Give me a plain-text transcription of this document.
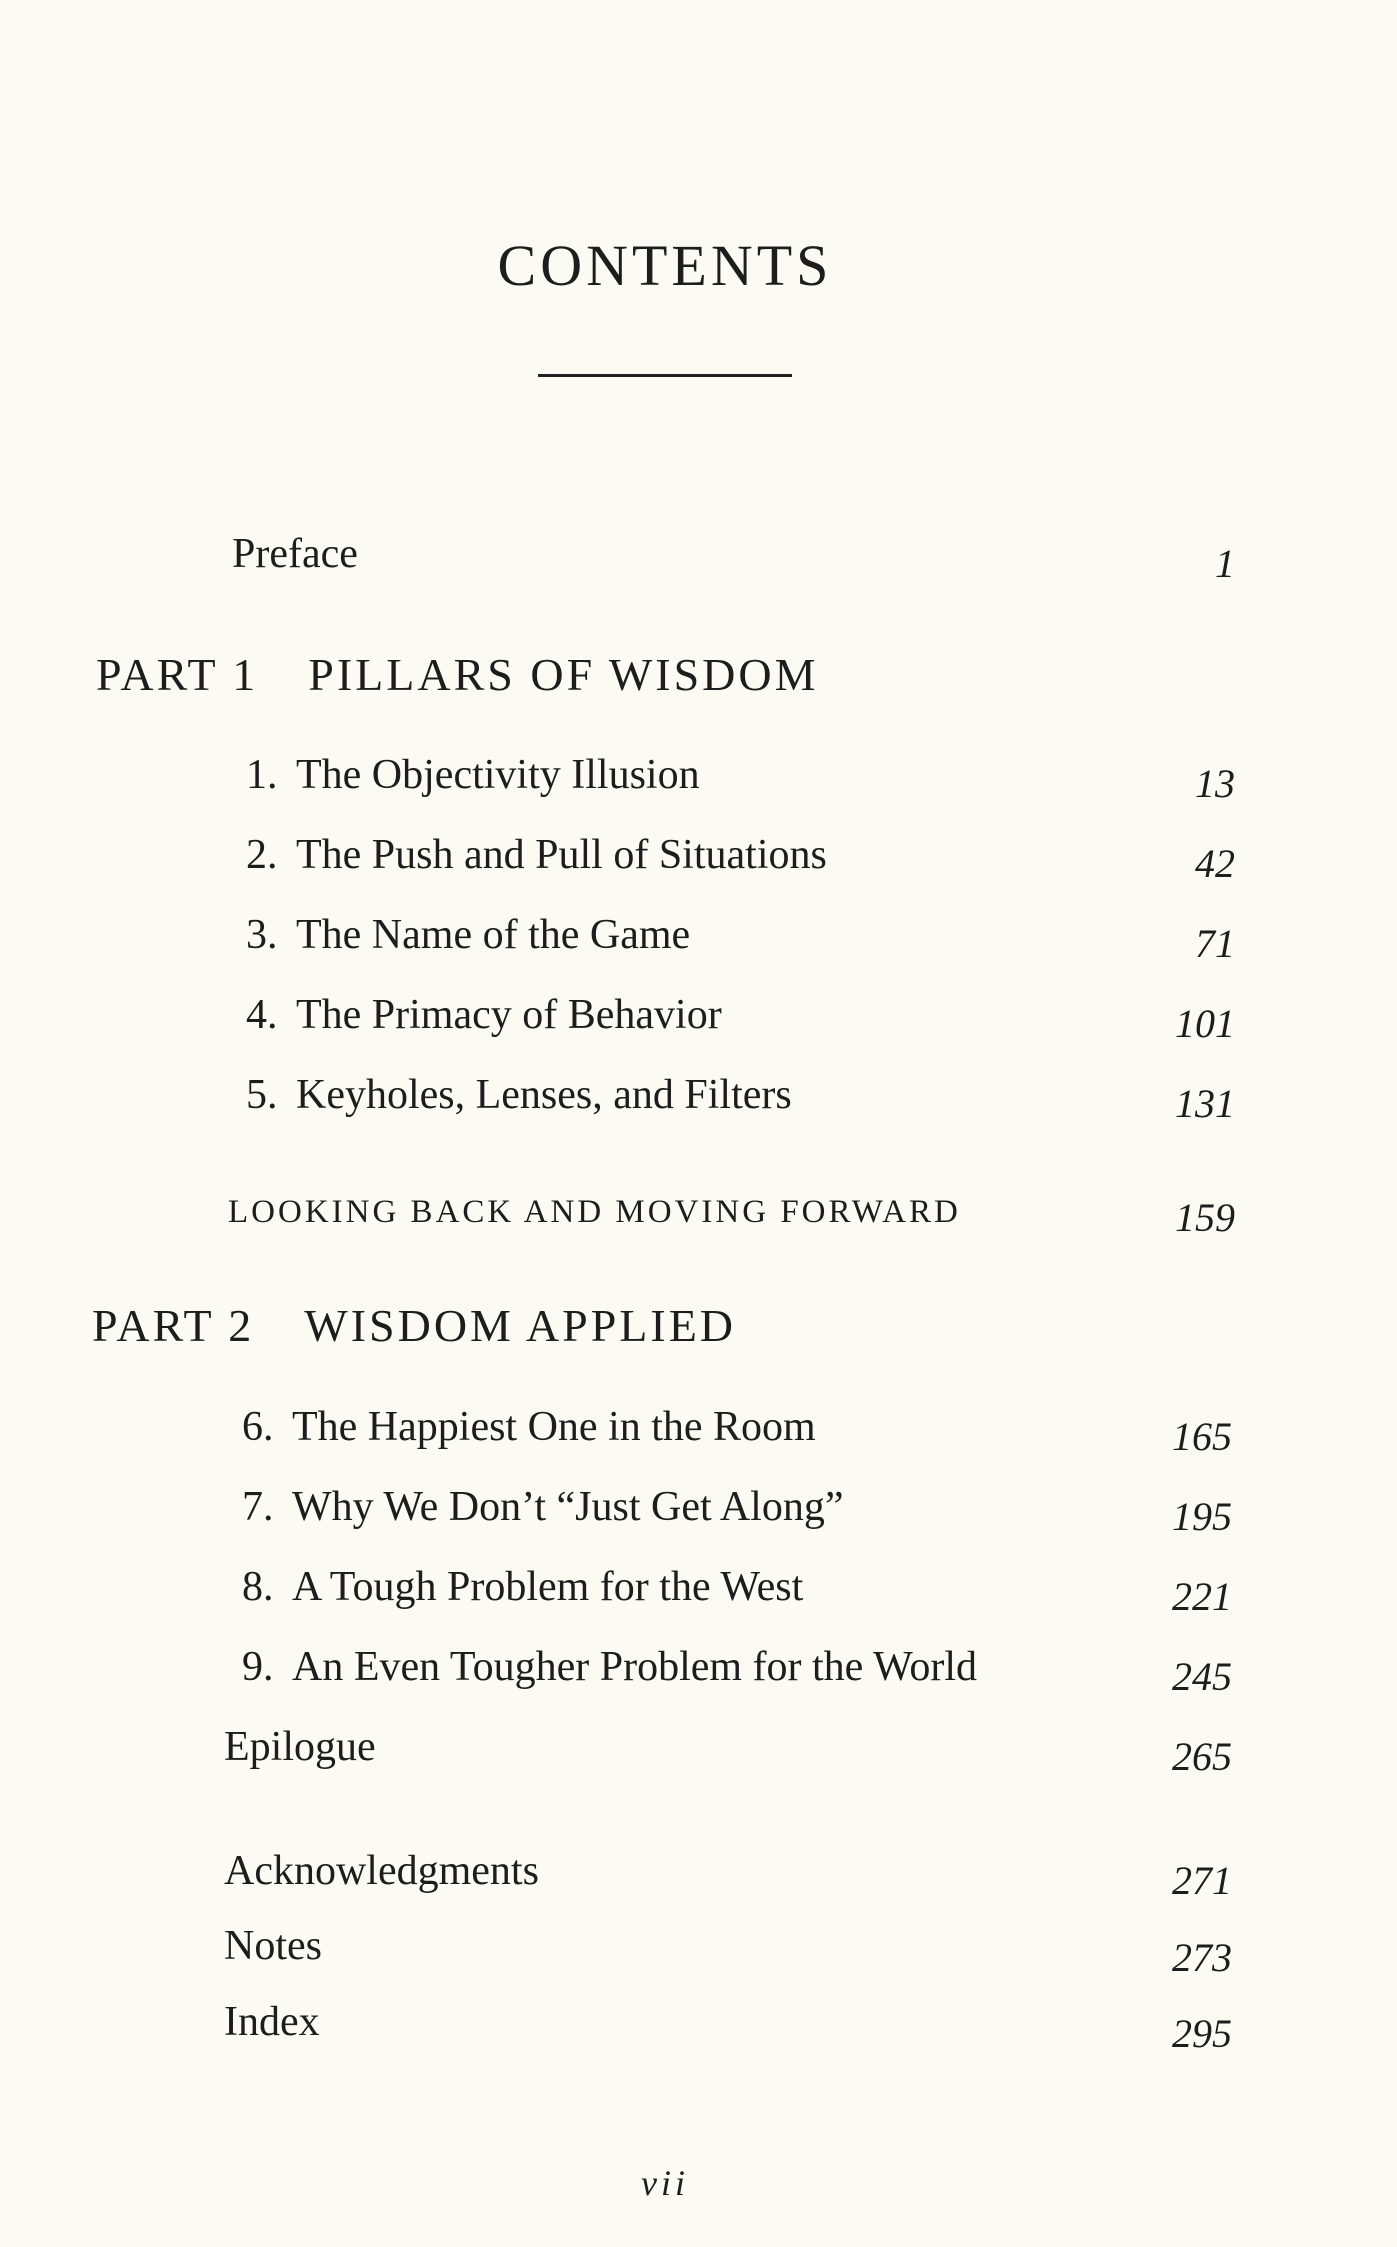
CONTENTS
Preface	1
PART 1 PILLARS OF WISDOM
1. The Objectivity Illusion	13
2. The Push and Pull of Situations	42
3. The Name of the Game	71
4. The Primacy of Behavior	101
5. Keyholes, Lenses, and Filters	131
LOOKING BACK AND MOVING FORWARD	159
PART 2 WISDOM APPLIED
6. The Happiest One in the Room	165
7. Why We Don’t “Just Get Along”	195
8. A Tough Problem for the West	221
9. An Even Tougher Problem for the World	245
Epilogue	265
Acknowledgments	271
Notes	273
Index	295
vii
